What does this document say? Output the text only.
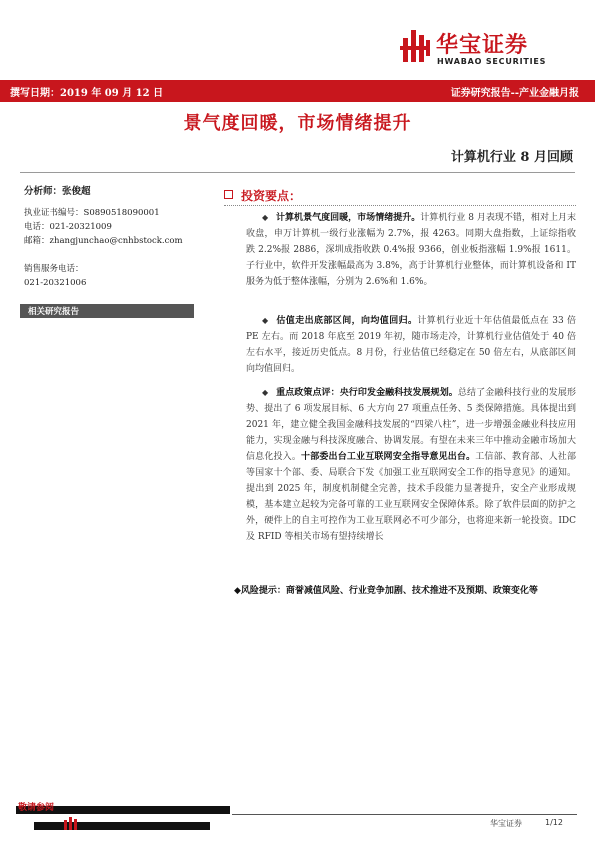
华宝证券
HWABAO SECURITIES
撰写日期：2019 年 09 月 12 日	证券研究报告--产业金融月报
景气度回暖，市场情绪提升
计算机行业 8 月回顾
分析师：张俊超
执业证书编号：S0890518090001
电话：021-20321009
邮箱：zhangjunchao@cnhbstock.com
销售服务电话：
021-20321006
相关研究报告
投资要点：
◆ 计算机景气度回暖，市场情绪提升。计算机行业 8 月表现不错，相对上月末收盘，申万计算机一级行业涨幅为 2.7%，报 4263。同期大盘指数，上证综指收跌 2.2%报 2886，深圳成指收跌 0.4%报 9366，创业板指涨幅 1.9%报 1611。子行业中，软件开发涨幅最高为 3.8%，高于计算机行业整体，而计算机设备和 IT 服务为低于整体涨幅，分别为 2.6%和 1.6%。
◆ 估值走出底部区间，向均值回归。计算机行业近十年估值最低点在 33 倍 PE 左右。而 2018 年底至 2019 年初，随市场走冷，计算机行业估值处于 40 倍左右水平，接近历史低点。8 月份，行业估值已经稳定在 50 倍左右，从底部区间向均值回归。
◆ 重点政策点评：央行印发金融科技发展规划。总结了金融科技行业的发展形势、提出了 6 项发展目标、6 大方向 27 项重点任务、5 类保障措施。具体提出到 2021 年，建立健全我国金融科技发展的“四梁八柱”，进一步增强金融业科技应用能力，实现金融与科技深度融合、协调发展。有望在未来三年中推动金融市场加大信息化投入。十部委出台工业互联网安全指导意见出台。工信部、教育部、人社部等国家十个部、委、局联合下发《加强工业互联网安全工作的指导意见》的通知。提出到 2025 年，制度机制健全完善，技术手段能力显著提升，安全产业形成规模，基本建立起较为完备可靠的工业互联网安全保障体系。除了软件层面的防护之外，硬件上的自主可控作为工业互联网必不可少部分，也将迎来新一轮投资。IDC 及 RFID 等相关市场有望持续增长
◆风险提示：商誉减值风险、行业竞争加剧、技术推进不及预期、政策变化等
敬请参阅
华宝证券	1/12
